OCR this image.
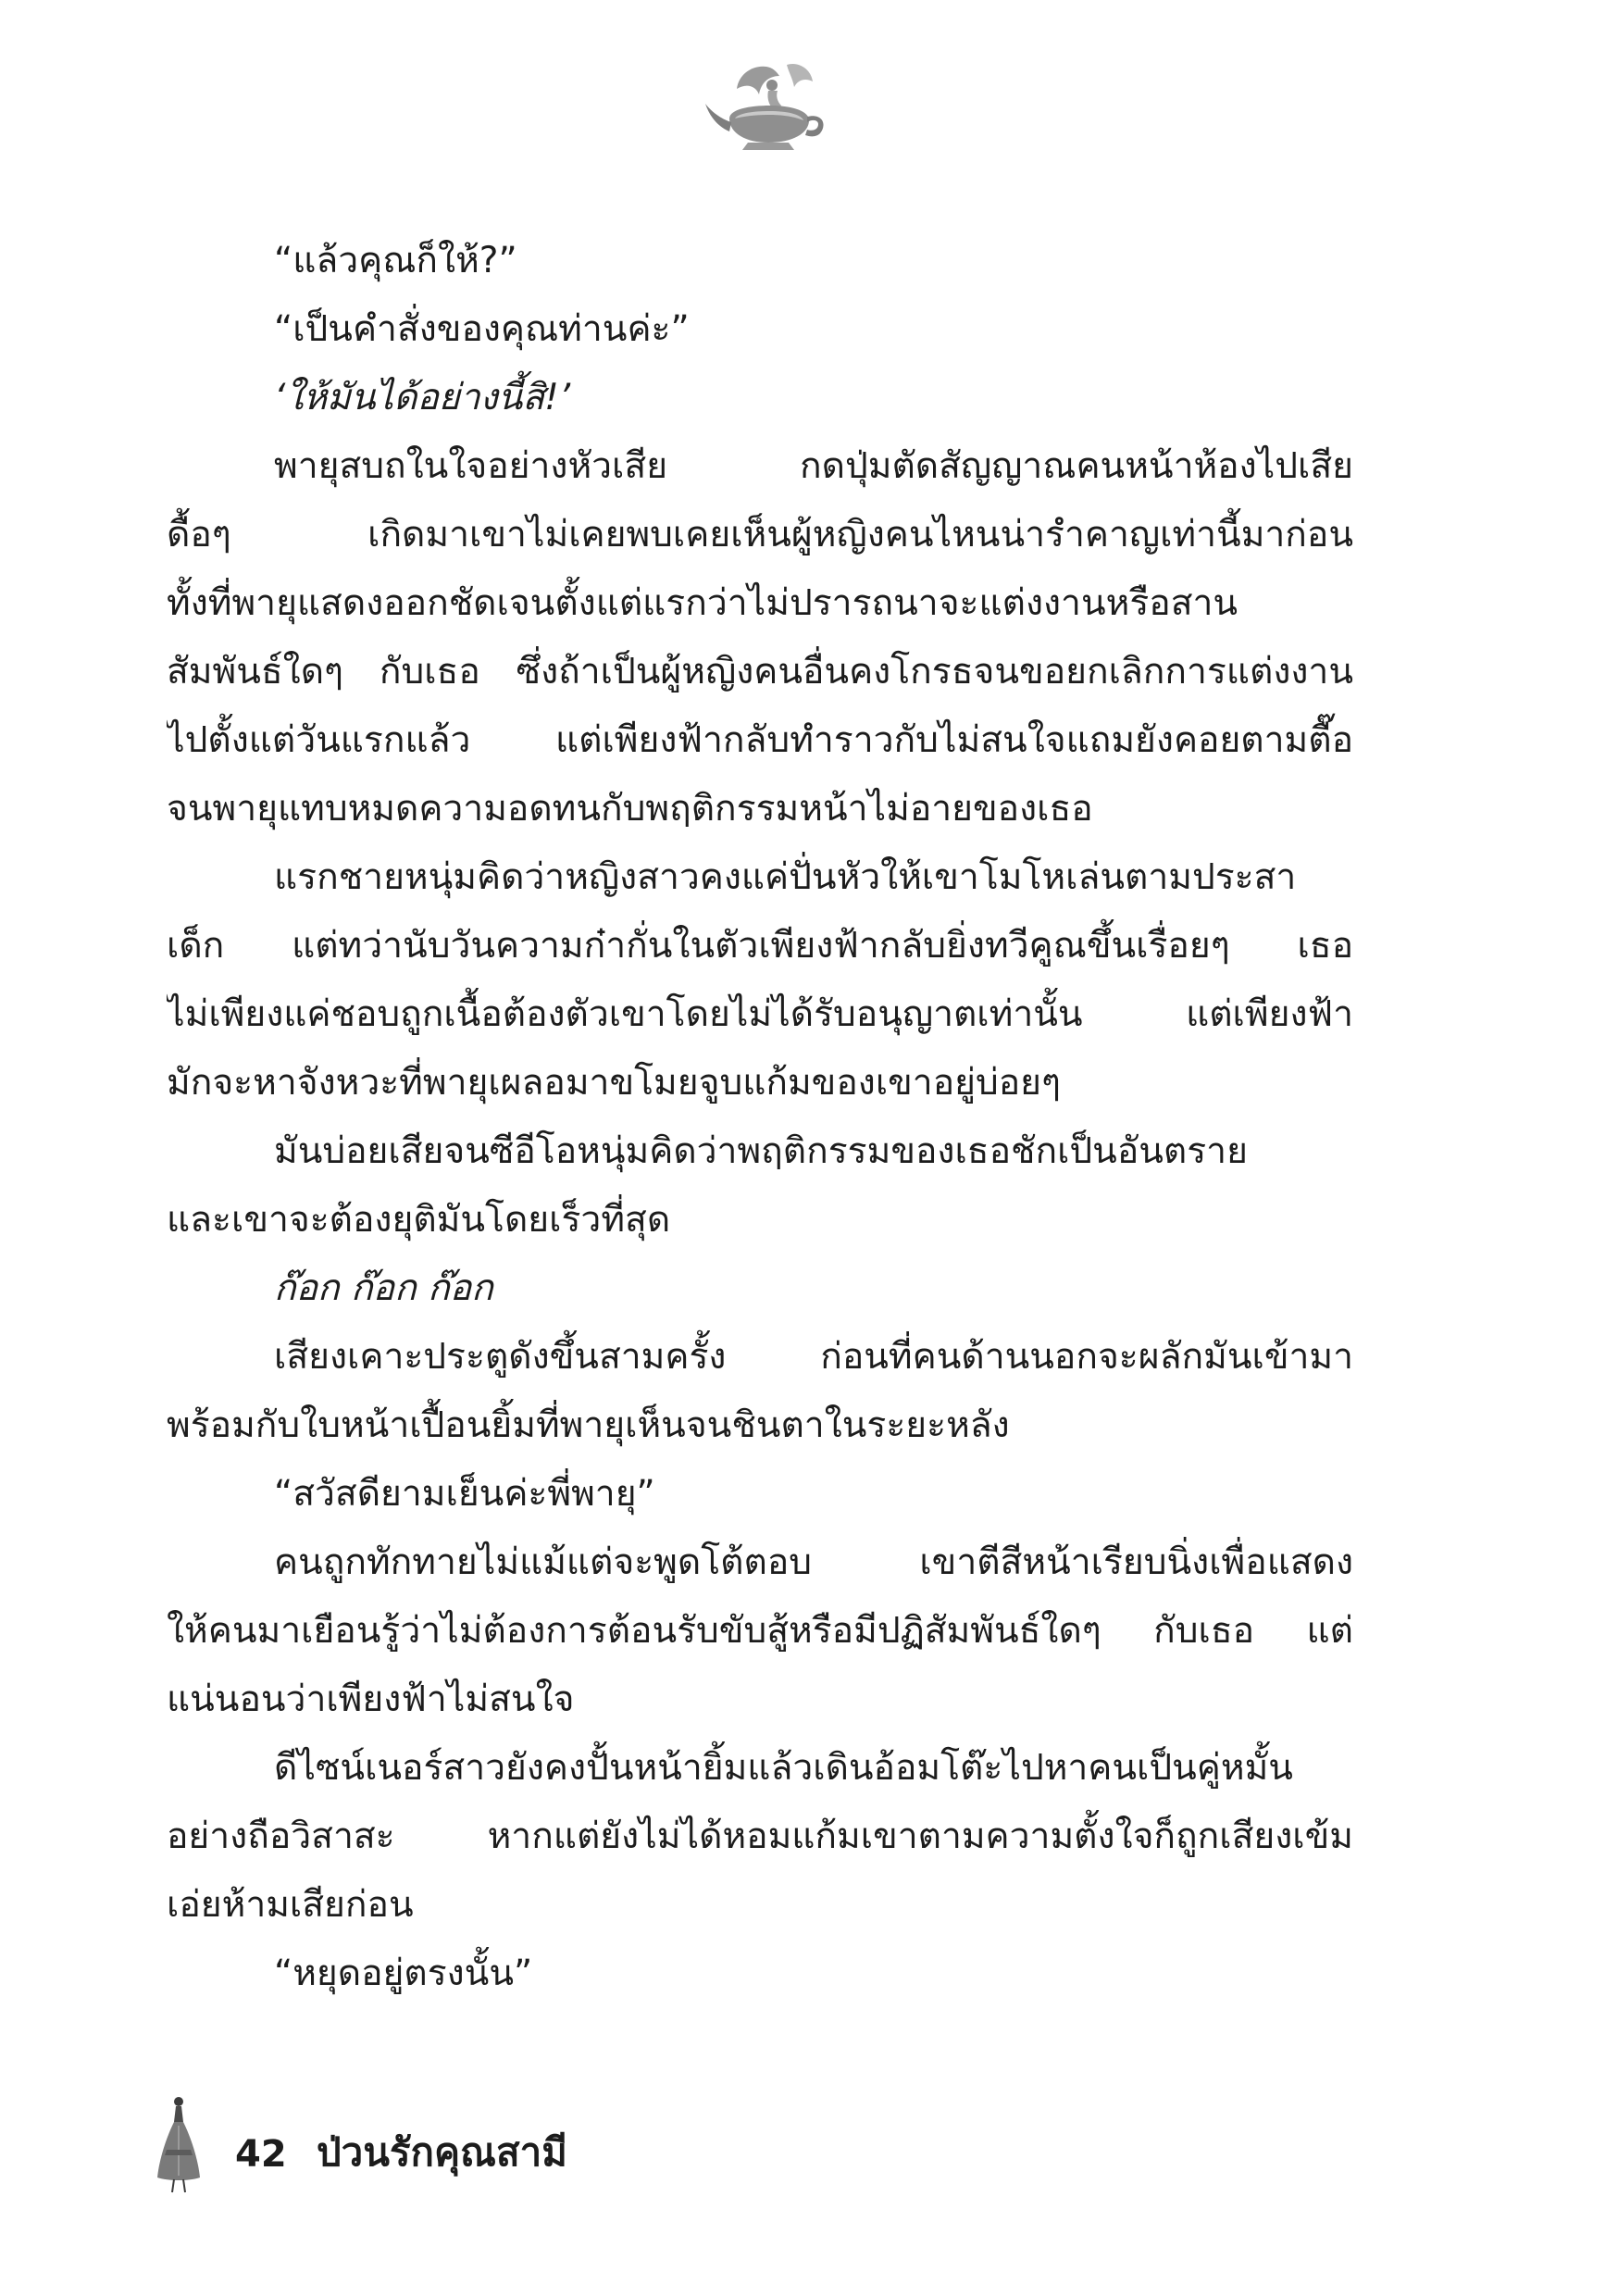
“แล้วคุณก็ให้?”
“เป็นคำสั่งของคุณท่านค่ะ”
‘ให้มันได้อย่างนี้สิ!’
พายุสบถในใจอย่างหัวเสีย กดปุ่มตัดสัญญาณคนหน้าห้องไปเสีย
ดื้อๆ เกิดมาเขาไม่เคยพบเคยเห็นผู้หญิงคนไหนน่ารำคาญเท่านี้มาก่อน
ทั้งที่พายุแสดงออกชัดเจนตั้งแต่แรกว่าไม่ปรารถนาจะแต่งงานหรือสาน
สัมพันธ์ใดๆ กับเธอ ซึ่งถ้าเป็นผู้หญิงคนอื่นคงโกรธจนขอยกเลิกการแต่งงาน
ไปตั้งแต่วันแรกแล้ว แต่เพียงฟ้ากลับทำราวกับไม่สนใจแถมยังคอยตามตื๊อ
จนพายุแทบหมดความอดทนกับพฤติกรรมหน้าไม่อายของเธอ
แรกชายหนุ่มคิดว่าหญิงสาวคงแค่ปั่นหัวให้เขาโมโหเล่นตามประสา
เด็ก แต่ทว่านับวันความก๋ากั่นในตัวเพียงฟ้ากลับยิ่งทวีคูณขึ้นเรื่อยๆ เธอ
ไม่เพียงแค่ชอบถูกเนื้อต้องตัวเขาโดยไม่ได้รับอนุญาตเท่านั้น แต่เพียงฟ้า
มักจะหาจังหวะที่พายุเผลอมาขโมยจูบแก้มของเขาอยู่บ่อยๆ
มันบ่อยเสียจนซีอีโอหนุ่มคิดว่าพฤติกรรมของเธอชักเป็นอันตราย
และเขาจะต้องยุติมันโดยเร็วที่สุด
ก๊อก ก๊อก ก๊อก
เสียงเคาะประตูดังขึ้นสามครั้ง ก่อนที่คนด้านนอกจะผลักมันเข้ามา
พร้อมกับใบหน้าเปื้อนยิ้มที่พายุเห็นจนชินตาในระยะหลัง
“สวัสดียามเย็นค่ะพี่พายุ”
คนถูกทักทายไม่แม้แต่จะพูดโต้ตอบ เขาตีสีหน้าเรียบนิ่งเพื่อแสดง
ให้คนมาเยือนรู้ว่าไม่ต้องการต้อนรับขับสู้หรือมีปฏิสัมพันธ์ใดๆ กับเธอ แต่
แน่นอนว่าเพียงฟ้าไม่สนใจ
ดีไซน์เนอร์สาวยังคงปั้นหน้ายิ้มแล้วเดินอ้อมโต๊ะไปหาคนเป็นคู่หมั้น
อย่างถือวิสาสะ หากแต่ยังไม่ได้หอมแก้มเขาตามความตั้งใจก็ถูกเสียงเข้ม
เอ่ยห้ามเสียก่อน
“หยุดอยู่ตรงนั้น”
42 ป่วนรักคุณสามี
